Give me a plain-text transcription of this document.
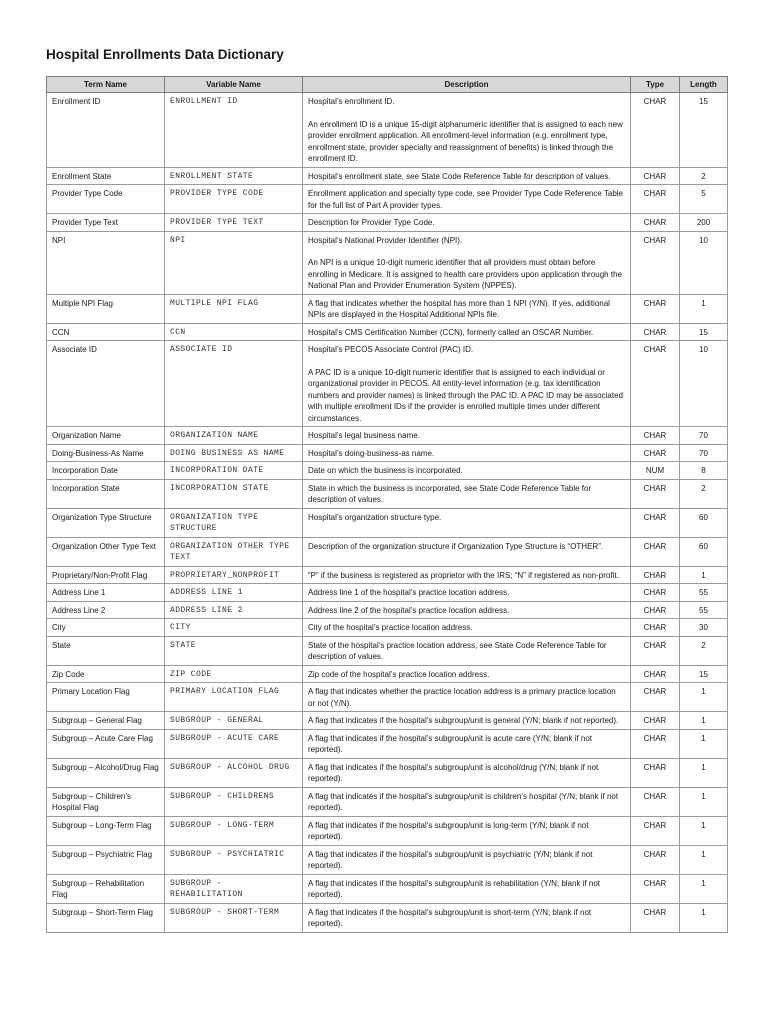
Hospital Enrollments Data Dictionary
Term Name	Variable Name	Description	Type	Length
Enrollment ID	ENROLLMENT ID	Hospital’s enrollment ID.
An enrollment ID is a unique 15-digit alphanumeric identifier that is assigned to each new provider enrollment application. All enrollment-level information (e.g. enrollment type, enrollment state, provider specialty and reassignment of benefits) is linked through the enrollment ID.	CHAR	15
Enrollment State	ENROLLMENT STATE	Hospital’s enrollment state, see State Code Reference Table for description of values.	CHAR	2
Provider Type Code	PROVIDER TYPE CODE	Enrollment application and specialty type code, see Provider Type Code Reference Table for the full list of Part A provider types.	CHAR	5
Provider Type Text	PROVIDER TYPE TEXT	Description for Provider Type Code.	CHAR	200
NPI	NPI	Hospital’s National Provider Identifier (NPI).
An NPI is a unique 10-digit numeric identifier that all providers must obtain before enrolling in Medicare. It is assigned to health care providers upon application through the National Plan and Provider Enumeration System (NPPES).	CHAR	10
Multiple NPI Flag	MULTIPLE NPI FLAG	A flag that indicates whether the hospital has more than 1 NPI (Y/N). If yes, additional NPIs are displayed in the Hospital Additional NPIs file.	CHAR	1
CCN	CCN	Hospital’s CMS Certification Number (CCN), formerly called an OSCAR Number.	CHAR	15
Associate ID	ASSOCIATE ID	Hospital’s PECOS Associate Control (PAC) ID.
A PAC ID is a unique 10-digit numeric identifier that is assigned to each individual or organizational provider in PECOS. All entity-level information (e.g. tax identification numbers and provider names) is linked through the PAC ID. A PAC ID may be associated with multiple enrollment IDs if the provider is enrolled multiple times under different circumstances.	CHAR	10
Organization Name	ORGANIZATION NAME	Hospital’s legal business name.	CHAR	70
Doing-Business-As Name	DOING BUSINESS AS NAME	Hospital’s doing-business-as name.	CHAR	70
Incorporation Date	INCORPORATION DATE	Date on which the business is incorporated.	NUM	8
Incorporation State	INCORPORATION STATE	State in which the business is incorporated, see State Code Reference Table for description of values.	CHAR	2
Organization Type Structure	ORGANIZATION TYPE STRUCTURE	Hospital’s organization structure type.	CHAR	60
Organization Other Type Text	ORGANIZATION OTHER TYPE TEXT	Description of the organization structure if Organization Type Structure is “OTHER”.	CHAR	60
Proprietary/Non-Profit Flag	PROPRIETARY_NONPROFIT	“P” if the business is registered as proprietor with the IRS; “N” if registered as non-profit.	CHAR	1
Address Line 1	ADDRESS LINE 1	Address line 1 of the hospital’s practice location address.	CHAR	55
Address Line 2	ADDRESS LINE 2	Address line 2 of the hospital’s practice location address.	CHAR	55
City	CITY	City of the hospital’s practice location address.	CHAR	30
State	STATE	State of the hospital’s practice location address, see State Code Reference Table for description of values.	CHAR	2
Zip Code	ZIP CODE	Zip code of the hospital’s practice location address.	CHAR	15
Primary Location Flag	PRIMARY LOCATION FLAG	A flag that indicates whether the practice location address is a primary practice location or not (Y/N).	CHAR	1
Subgroup – General Flag	SUBGROUP - GENERAL	A flag that indicates if the hospital’s subgroup/unit is general (Y/N; blank if not reported).	CHAR	1
Subgroup – Acute Care Flag	SUBGROUP - ACUTE CARE	A flag that indicates if the hospital’s subgroup/unit is acute care (Y/N; blank if not reported).	CHAR	1
Subgroup – Alcohol/Drug Flag	SUBGROUP - ALCOHOL DRUG	A flag that indicates if the hospital’s subgroup/unit is alcohol/drug (Y/N; blank if not reported).	CHAR	1
Subgroup – Children’s Hospital Flag	SUBGROUP - CHILDRENS	A flag that indicates if the hospital’s subgroup/unit is children’s hospital (Y/N; blank if not reported).	CHAR	1
Subgroup – Long-Term Flag	SUBGROUP - LONG-TERM	A flag that indicates if the hospital’s subgroup/unit is long-term (Y/N; blank if not reported).	CHAR	1
Subgroup – Psychiatric Flag	SUBGROUP - PSYCHIATRIC	A flag that indicates if the hospital’s subgroup/unit is psychiatric (Y/N; blank if not reported).	CHAR	1
Subgroup – Rehabilitation Flag	SUBGROUP - REHABILITATION	A flag that indicates if the hospital’s subgroup/unit is rehabilitation (Y/N; blank if not reported).	CHAR	1
Subgroup – Short-Term Flag	SUBGROUP - SHORT-TERM	A flag that indicates if the hospital’s subgroup/unit is short-term (Y/N; blank if not reported).	CHAR	1
